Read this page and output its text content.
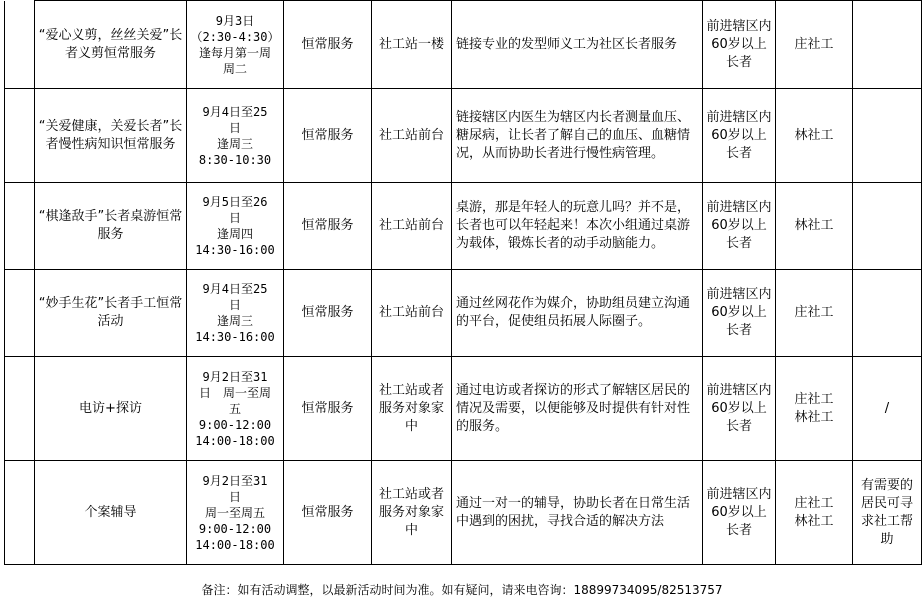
	“爱心义剪，丝丝关爱”长者义剪恒常服务	9月3日
（2:30-4:30）
逢每月第一周
周二	恒常服务	社工站一楼	链接专业的发型师义工为社区长者服务	前进辖区内60岁以上长者	庄社工	
	“关爱健康，关爱长者”长者慢性病知识恒常服务	9月4日至25
日
逢周三
8:30-10:30	恒常服务	社工站前台	链接辖区内医生为辖区内长者测量血压、糖尿病，让长者了解自己的血压、血糖情况，从而协助长者进行慢性病管理。	前进辖区内60岁以上长者	林社工	
	“棋逢敌手”长者桌游恒常服务	9月5日至26
日
逢周四
14:30-16:00	恒常服务	社工站前台	桌游，那是年轻人的玩意儿吗？并不是，长者也可以年轻起来！本次小组通过桌游为载体，锻炼长者的动手动脑能力。	前进辖区内60岁以上长者	林社工	
	“妙手生花”长者手工恒常活动	9月4日至25
日
逢周三
14:30-16:00	恒常服务	社工站前台	通过丝网花作为媒介，协助组员建立沟通的平台，促使组员拓展人际圈子。	前进辖区内60岁以上长者	庄社工	
	电访+探访	9月2日至31
日　周一至周
五
9:00-12:00
14:00-18:00	恒常服务	社工站或者服务对象家中	通过电访或者探访的形式了解辖区居民的情况及需要，以便能够及时提供有针对性的服务。	前进辖区内60岁以上长者	庄社工
林社工	/
	个案辅导	9月2日至31
日
周一至周五
9:00-12:00
14:00-18:00	恒常服务	社工站或者服务对象家中	通过一对一的辅导，协助长者在日常生活中遇到的困扰，寻找合适的解决方法	前进辖区内60岁以上长者	庄社工
林社工	有需要的居民可寻求社工帮助
备注：如有活动调整，以最新活动时间为准。如有疑问，请来电咨询：18899734095/82513757
